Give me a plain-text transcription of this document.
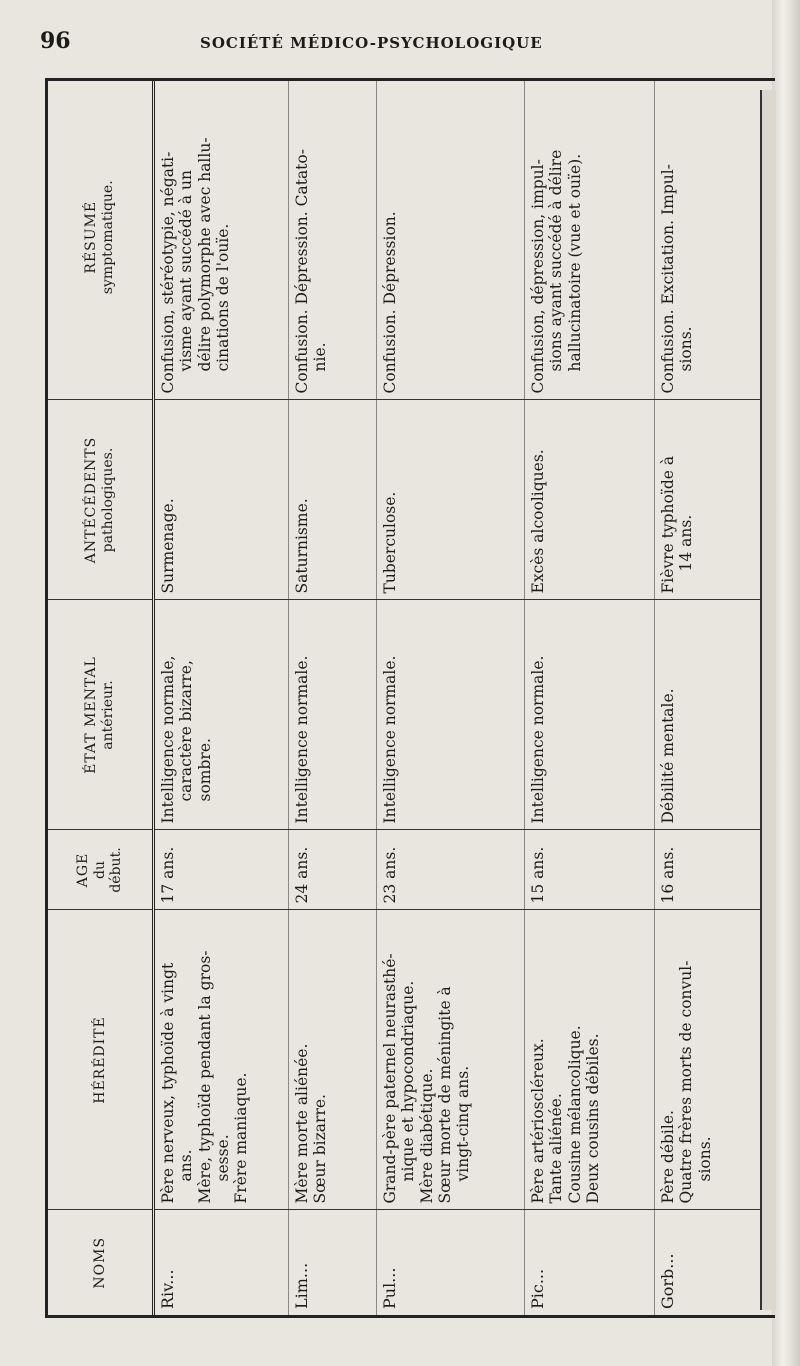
96	SOCIÉTÉ MÉDICO-PSYCHOLOGIQUE
NOMS	HÉRÉDITÉ	AGE du début.	ÉTAT MENTAL antérieur.	ANTÉCÉDENTS pathologiques.	RÉSUMÉ symptomatique.

Riv...	Père nerveux, typhoïde à vingt ans. Mère, typhoïde pendant la gros- sesse. Frère maniaque.	17 ans.	Intelligence normale, caractère bizarre, sombre.	Surmenage.	Confusion, stéréotypie, négati- visme ayant succédé à un délire polymorphe avec hallu- cinations de l'ouïe.

Lim...	Mère morte aliénée. Sœur bizarre.	24 ans.	Intelligence normale.	Saturnisme.	Confusion. Dépression. Catato- nie.

Pul...	Grand-père paternel neurasthé- nique et hypocondriaque. Mère diabétique. Sœur morte de méningite à vingt-cinq ans.	23 ans.	Intelligence normale.	Tuberculose.	Confusion. Dépression.

Pic...	Père artérioscléreux. Tante aliénée. Cousine mélancolique. Deux cousins débiles.	15 ans.	Intelligence normale.	Excès alcooliques.	Confusion, dépression, impul- sions ayant succédé à délire hallucinatoire (vue et ouïe).

Gorb...	Père débile. Quatre frères morts de convul- sions.	16 ans.	Débilité mentale.	Fièvre typhoïde à 14 ans.	Confusion. Excitation. Impul- sions.
